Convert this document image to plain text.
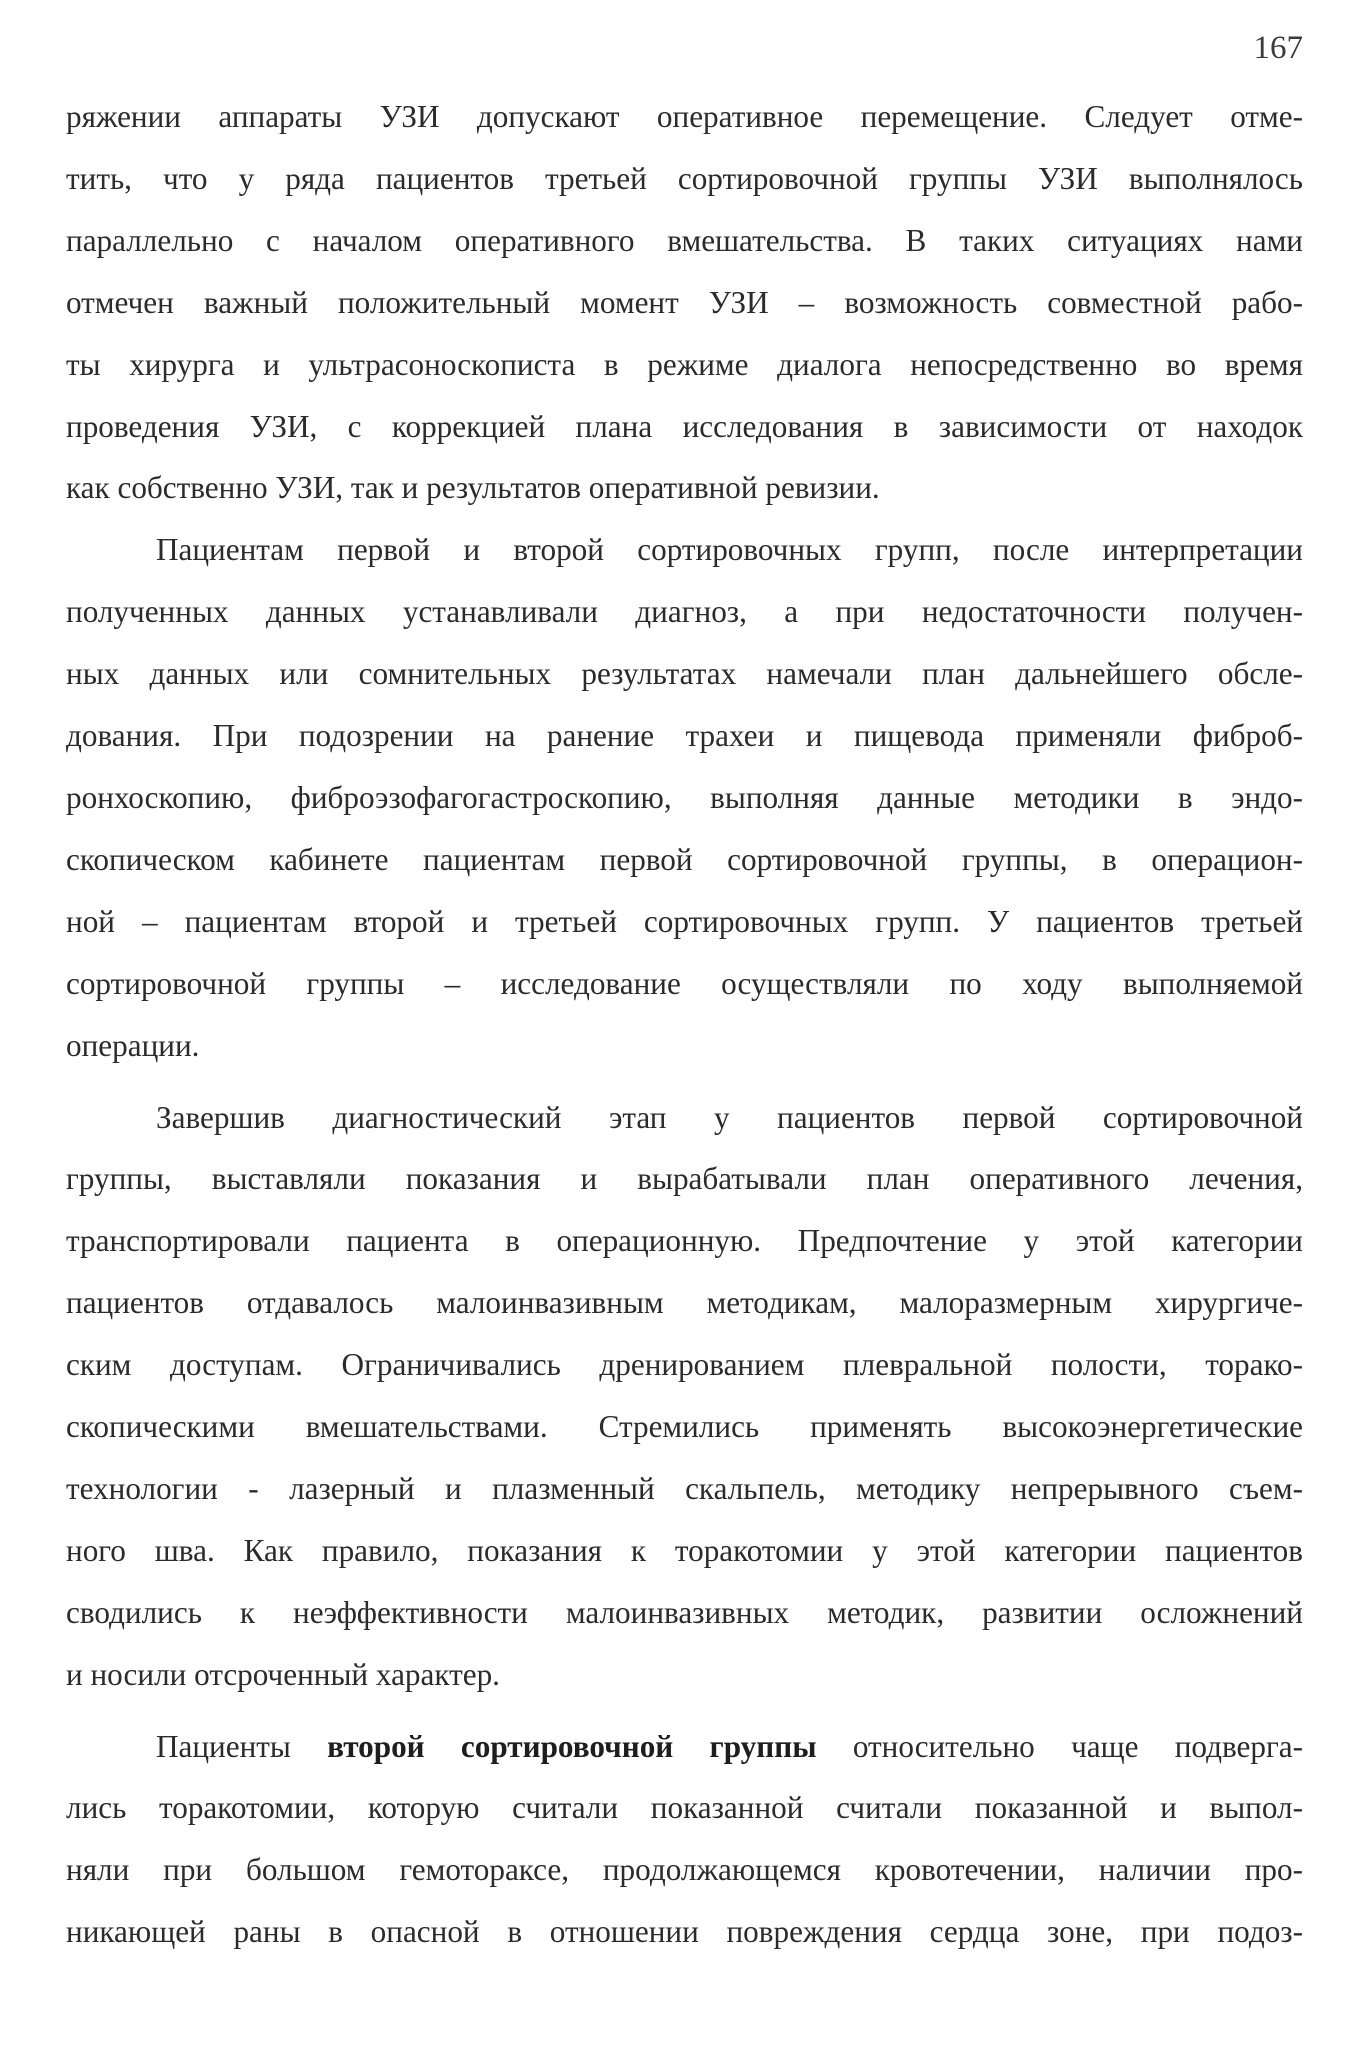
167
ряжении аппараты УЗИ допускают оперативное перемещение. Следует отме-
тить, что у ряда пациентов третьей сортировочной группы УЗИ выполнялось
параллельно с началом оперативного вмешательства. В таких ситуациях нами
отмечен важный положительный момент УЗИ – возможность совместной рабо-
ты хирурга и ультрасоноскописта в режиме диалога непосредственно во время
проведения УЗИ, с коррекцией плана исследования в зависимости от находок
как собственно УЗИ, так и результатов оперативной ревизии.
Пациентам первой и второй сортировочных групп, после интерпретации
полученных данных устанавливали диагноз, а при недостаточности получен-
ных данных или сомнительных результатах намечали план дальнейшего обсле-
дования. При подозрении на ранение трахеи и пищевода применяли фиброб-
ронхоскопию, фиброэзофагогастроскопию, выполняя данные методики в эндо-
скопическом кабинете пациентам первой сортировочной группы, в операцион-
ной – пациентам второй и третьей сортировочных групп. У пациентов третьей
сортировочной группы – исследование осуществляли по ходу выполняемой
операции.
Завершив диагностический этап у пациентов первой сортировочной
группы, выставляли показания и вырабатывали план оперативного лечения,
транспортировали пациента в операционную. Предпочтение у этой категории
пациентов отдавалось малоинвазивным методикам, малоразмерным хирургиче-
ским доступам. Ограничивались дренированием плевральной полости, торако-
скопическими вмешательствами. Стремились применять высокоэнергетические
технологии - лазерный и плазменный скальпель, методику непрерывного съем-
ного шва. Как правило, показания к торакотомии у этой категории пациентов
сводились к неэффективности малоинвазивных методик, развитии осложнений
и носили отсроченный характер.
Пациенты второй сортировочной группы относительно чаще подверга-
лись торакотомии, которую считали показанной считали показанной и выпол-
няли при большом гемотораксе, продолжающемся кровотечении, наличии про-
никающей раны в опасной в отношении повреждения сердца зоне, при подоз-
